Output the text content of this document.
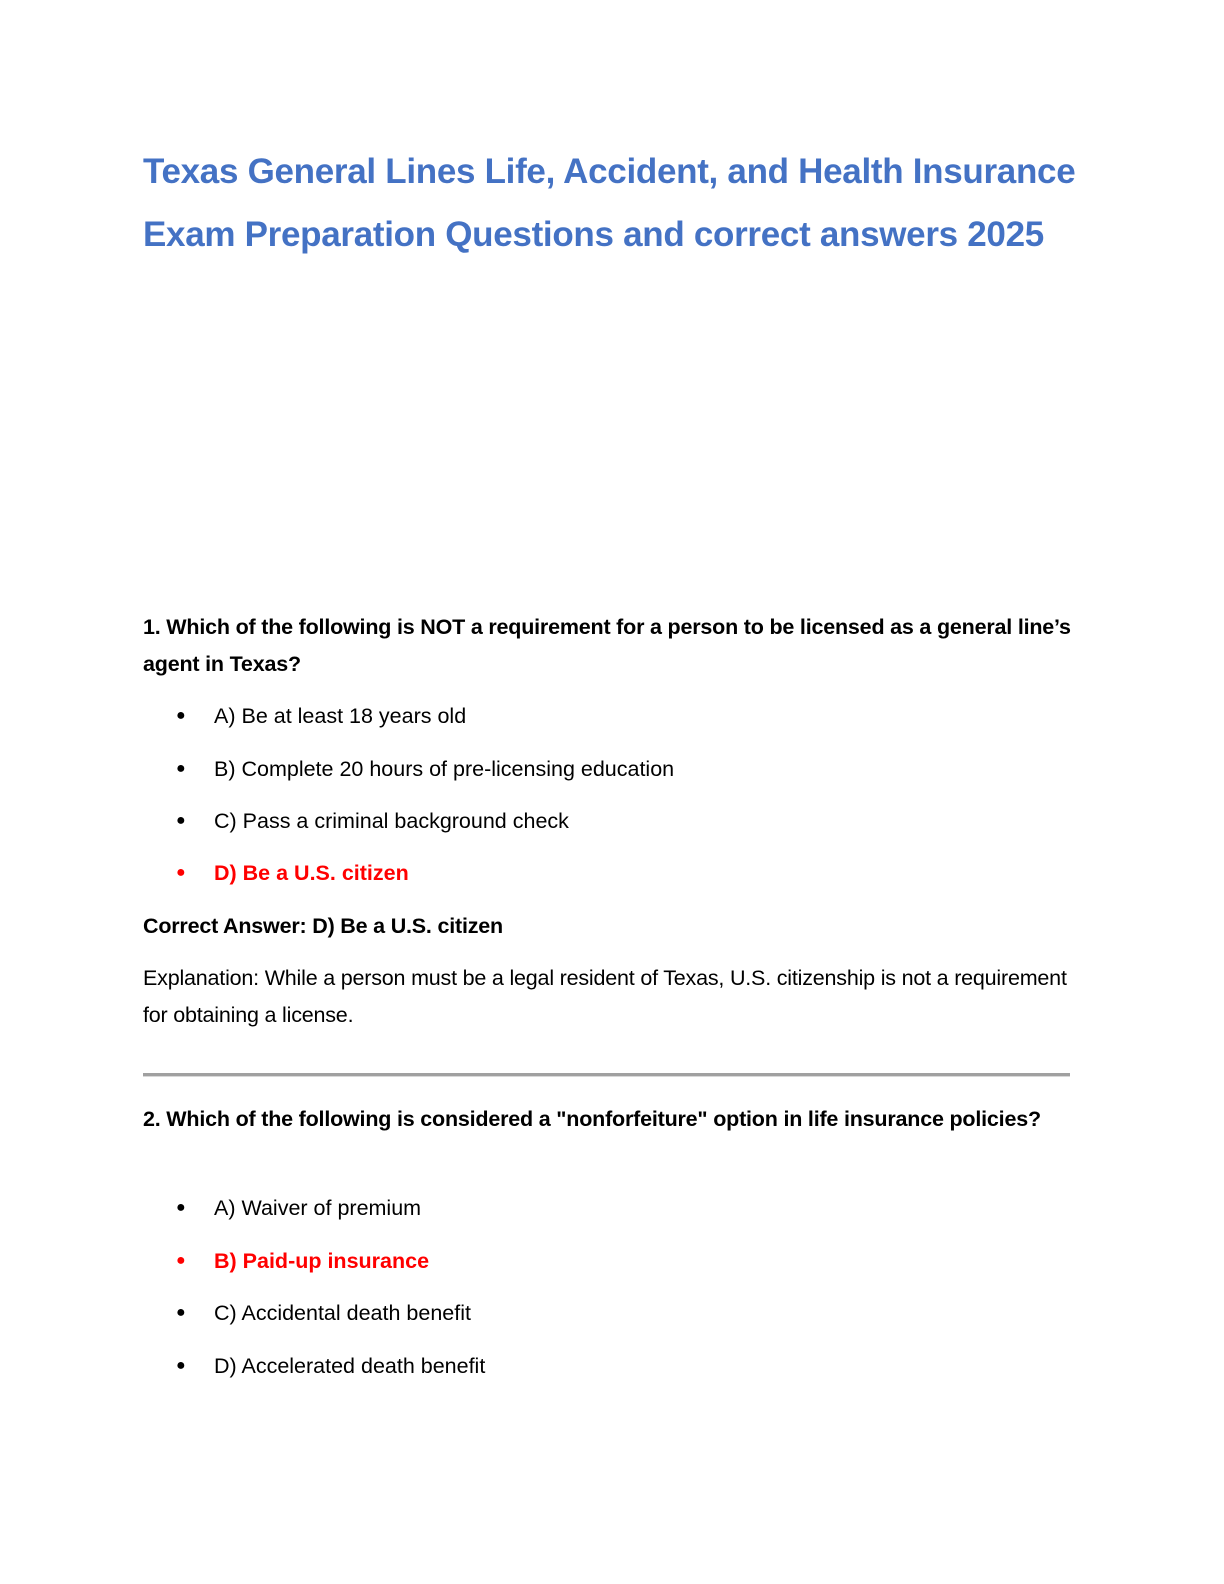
Texas General Lines Life, Accident, and Health Insurance Exam Preparation Questions and correct answers 2025
1. Which of the following is NOT a requirement for a person to be licensed as a general line’s agent in Texas?
●	A) Be at least 18 years old
●	B) Complete 20 hours of pre-licensing education
●	C) Pass a criminal background check
●	D) Be a U.S. citizen
Correct Answer: D) Be a U.S. citizen
Explanation: While a person must be a legal resident of Texas, U.S. citizenship is not a requirement for obtaining a license.
2. Which of the following is considered a "nonforfeiture" option in life insurance policies?
●	A) Waiver of premium
●	B) Paid-up insurance
●	C) Accidental death benefit
●	D) Accelerated death benefit
